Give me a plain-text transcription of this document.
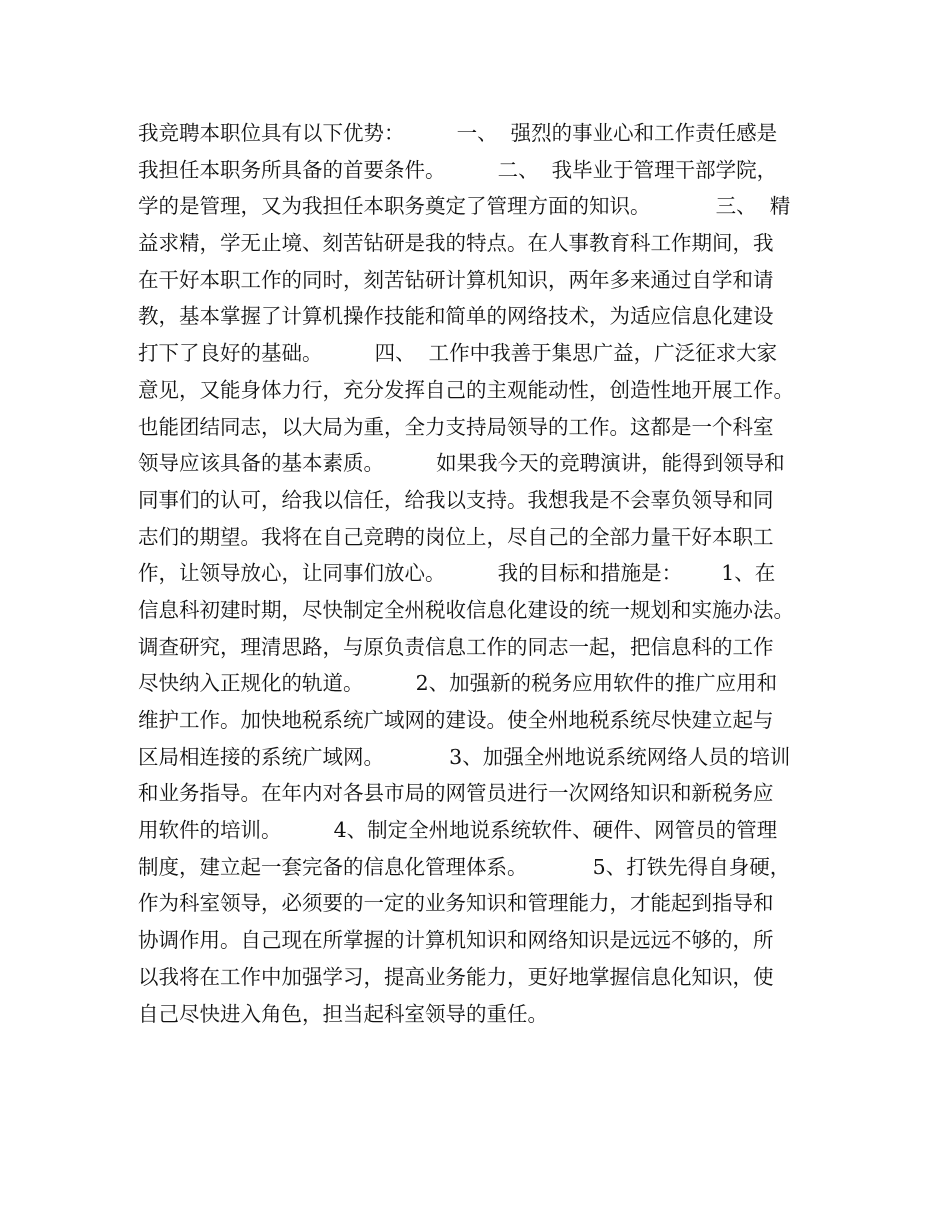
我竞聘本职位具有以下优势：        一、  强烈的事业心和工作责任感是
我担任本职务所具备的首要条件。        二、  我毕业于管理干部学院，
学的是管理，又为我担任本职务奠定了管理方面的知识。          三、  精
益求精，学无止境、刻苦钻研是我的特点。在人事教育科工作期间，我
在干好本职工作的同时，刻苦钻研计算机知识，两年多来通过自学和请
教，基本掌握了计算机操作技能和简单的网络技术，为适应信息化建设
打下了良好的基础。        四、  工作中我善于集思广益，广泛征求大家
意见，又能身体力行，充分发挥自己的主观能动性，创造性地开展工作。
也能团结同志，以大局为重，全力支持局领导的工作。这都是一个科室
领导应该具备的基本素质。        如果我今天的竞聘演讲，能得到领导和
同事们的认可，给我以信任，给我以支持。我想我是不会辜负领导和同
志们的期望。我将在自己竞聘的岗位上，尽自己的全部力量干好本职工
作，让领导放心，让同事们放心。        我的目标和措施是：      1、在
信息科初建时期，尽快制定全州税收信息化建设的统一规划和实施办法。
调查研究，理清思路，与原负责信息工作的同志一起，把信息科的工作
尽快纳入正规化的轨道。        2、加强新的税务应用软件的推广应用和
维护工作。加快地税系统广域网的建设。使全州地税系统尽快建立起与
区局相连接的系统广域网。          3、加强全州地说系统网络人员的培训
和业务指导。在年内对各县市局的网管员进行一次网络知识和新税务应
用软件的培训。        4、制定全州地说系统软件、硬件、网管员的管理
制度，建立起一套完备的信息化管理体系。          5、打铁先得自身硬，
作为科室领导，必须要的一定的业务知识和管理能力，才能起到指导和
协调作用。自己现在所掌握的计算机知识和网络知识是远远不够的，所
以我将在工作中加强学习，提高业务能力，更好地掌握信息化知识，使
自己尽快进入角色，担当起科室领导的重任。
